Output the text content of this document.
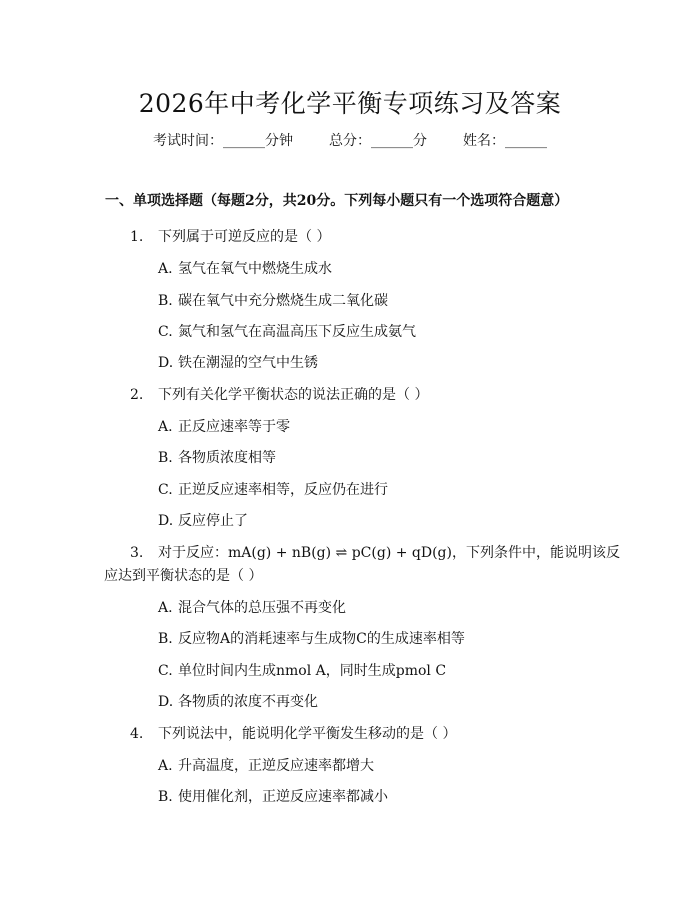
2026年中考化学平衡专项练习及答案
考试时间：______分钟	总分：______分	姓名：______
一、单项选择题（每题2分，共20分。下列每小题只有一个选项符合题意）
1. 下列属于可逆反应的是（ ）
A. 氢气在氧气中燃烧生成水
B. 碳在氧气中充分燃烧生成二氧化碳
C. 氮气和氢气在高温高压下反应生成氨气
D. 铁在潮湿的空气中生锈
2. 下列有关化学平衡状态的说法正确的是（ ）
A. 正反应速率等于零
B. 各物质浓度相等
C. 正逆反应速率相等，反应仍在进行
D. 反应停止了
3. 对于反应：mA(g) + nB(g) ⇌ pC(g) + qD(g)，下列条件中，能说明该反
应达到平衡状态的是（ ）
A. 混合气体的总压强不再变化
B. 反应物A的消耗速率与生成物C的生成速率相等
C. 单位时间内生成nmol A，同时生成pmol C
D. 各物质的浓度不再变化
4. 下列说法中，能说明化学平衡发生移动的是（ ）
A. 升高温度，正逆反应速率都增大
B. 使用催化剂，正逆反应速率都减小
